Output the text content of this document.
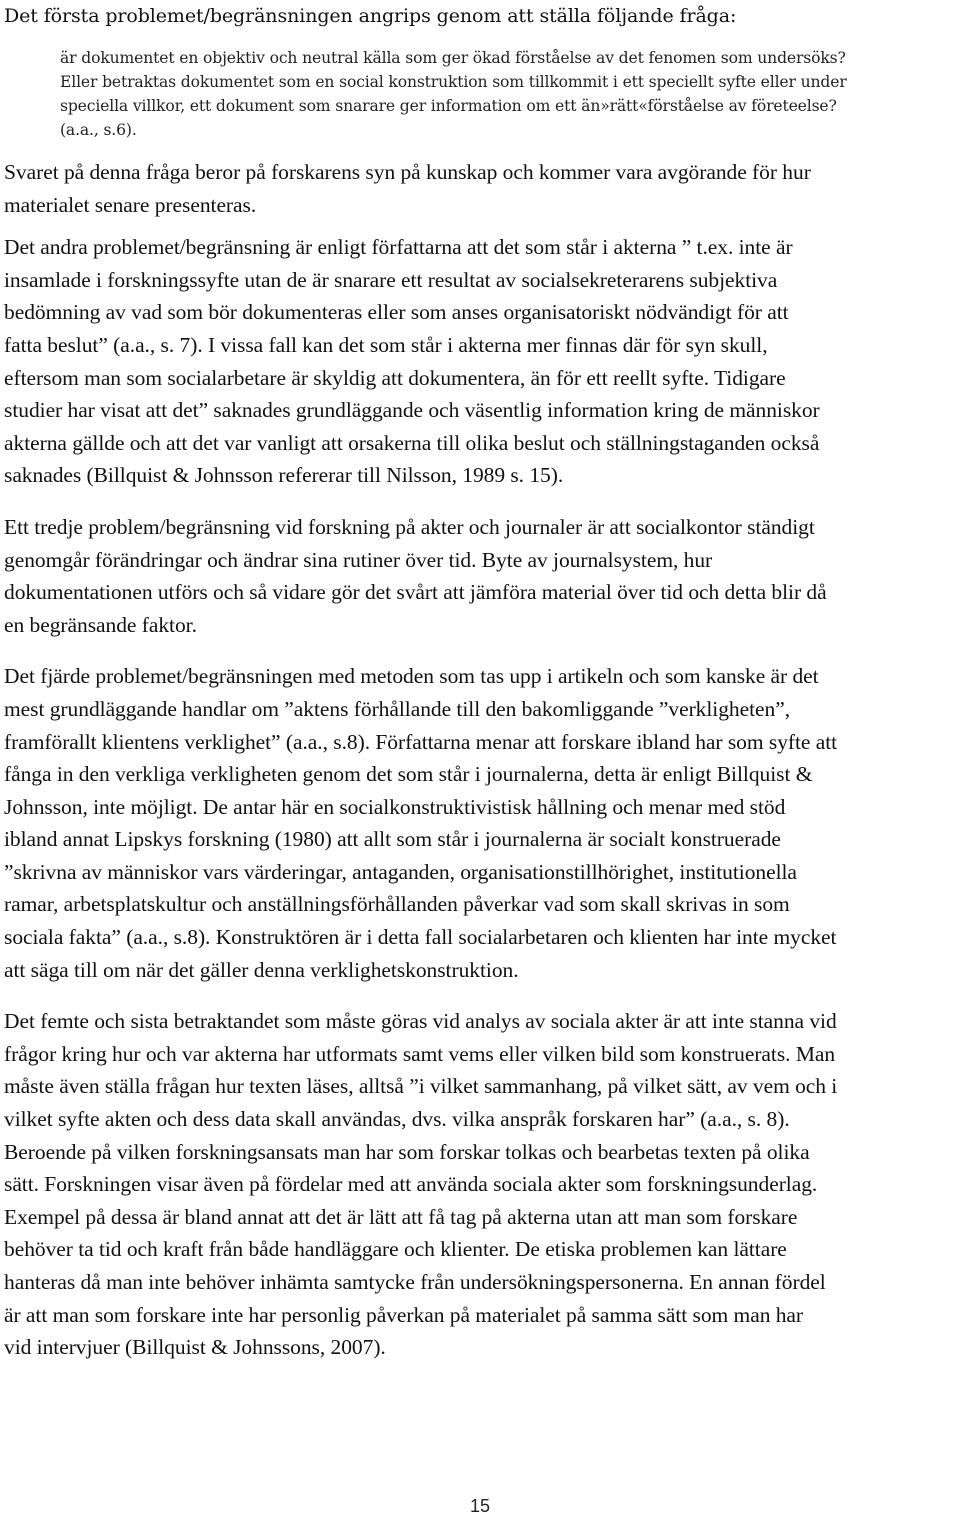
Det första problemet/begränsningen angrips genom att ställa följande fråga:

är dokumentet en objektiv och neutral källa som ger ökad förståelse av det fenomen som undersöks?
Eller betraktas dokumentet som en social konstruktion som tillkommit i ett speciellt syfte eller under
speciella villkor, ett dokument som snarare ger information om ett än»rätt«förståelse av företeelse?
(a.a., s.6).

Svaret på denna fråga beror på forskarens syn på kunskap och kommer vara avgörande för hur
materialet senare presenteras.

Det andra problemet/begränsning är enligt författarna att det som står i akterna ” t.ex. inte är
insamlade i forskningssyfte utan de är snarare ett resultat av socialsekreterarens subjektiva
bedömning av vad som bör dokumenteras eller som anses organisatoriskt nödvändigt för att
fatta beslut” (a.a., s. 7). I vissa fall kan det som står i akterna mer finnas där för syn skull,
eftersom man som socialarbetare är skyldig att dokumentera, än för ett reellt syfte. Tidigare
studier har visat att det” saknades grundläggande och väsentlig information kring de människor
akterna gällde och att det var vanligt att orsakerna till olika beslut och ställningstaganden också
saknades (Billquist & Johnsson refererar till Nilsson, 1989 s. 15).

Ett tredje problem/begränsning vid forskning på akter och journaler är att socialkontor ständigt
genomgår förändringar och ändrar sina rutiner över tid. Byte av journalsystem, hur
dokumentationen utförs och så vidare gör det svårt att jämföra material över tid och detta blir då
en begränsande faktor.

Det fjärde problemet/begränsningen med metoden som tas upp i artikeln och som kanske är det
mest grundläggande handlar om ”aktens förhållande till den bakomliggande ”verkligheten”,
framförallt klientens verklighet” (a.a., s.8). Författarna menar att forskare ibland har som syfte att
fånga in den verkliga verkligheten genom det som står i journalerna, detta är enligt Billquist &
Johnsson, inte möjligt. De antar här en socialkonstruktivistisk hållning och menar med stöd
ibland annat Lipskys forskning (1980) att allt som står i journalerna är socialt konstruerade
”skrivna av människor vars värderingar, antaganden, organisationstillhörighet, institutionella
ramar, arbetsplatskultur och anställningsförhållanden påverkar vad som skall skrivas in som
sociala fakta” (a.a., s.8). Konstruktören är i detta fall socialarbetaren och klienten har inte mycket
att säga till om när det gäller denna verklighetskonstruktion.

Det femte och sista betraktandet som måste göras vid analys av sociala akter är att inte stanna vid
frågor kring hur och var akterna har utformats samt vems eller vilken bild som konstruerats. Man
måste även ställa frågan hur texten läses, alltså ”i vilket sammanhang, på vilket sätt, av vem och i
vilket syfte akten och dess data skall användas, dvs. vilka anspråk forskaren har” (a.a., s. 8).
Beroende på vilken forskningsansats man har som forskar tolkas och bearbetas texten på olika
sätt. Forskningen visar även på fördelar med att använda sociala akter som forskningsunderlag.
Exempel på dessa är bland annat att det är lätt att få tag på akterna utan att man som forskare
behöver ta tid och kraft från både handläggare och klienter. De etiska problemen kan lättare
hanteras då man inte behöver inhämta samtycke från undersökningspersonerna. En annan fördel
är att man som forskare inte har personlig påverkan på materialet på samma sätt som man har
vid intervjuer (Billquist & Johnssons, 2007).

15
